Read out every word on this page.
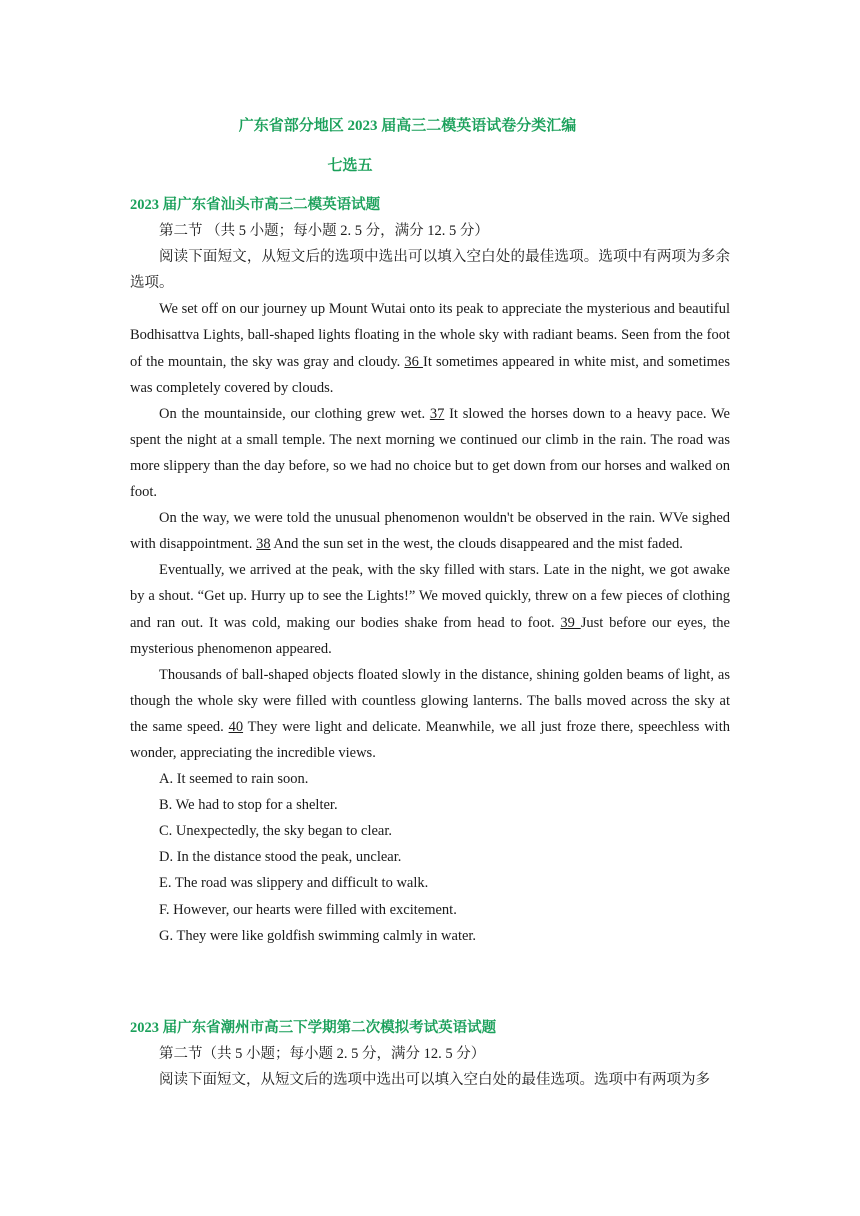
广东省部分地区 2023 届高三二模英语试卷分类汇编
七选五

2023 届广东省汕头市高三二模英语试题

第二节 （共 5 小题；每小题 2. 5 分，满分 12. 5 分）

阅读下面短文，从短文后的选项中选出可以填入空白处的最佳选项。选项中有两项为多余选项。

We set off on our journey up Mount Wutai onto its peak to appreciate the mysterious and beautiful Bodhisattva Lights, ball-shaped lights floating in the whole sky with radiant beams. Seen from the foot of the mountain, the sky was gray and cloudy. 36 It sometimes appeared in white mist, and sometimes was completely covered by clouds.

On the mountainside, our clothing grew wet. 37 It slowed the horses down to a heavy pace. We spent the night at a small temple. The next morning we continued our climb in the rain. The road was more slippery than the day before, so we had no choice but to get down from our horses and walked on foot.

On the way, we were told the unusual phenomenon wouldn't be observed in the rain. WVe sighed with disappointment. 38 And the sun set in the west, the clouds disappeared and the mist faded.

Eventually, we arrived at the peak, with the sky filled with stars. Late in the night, we got awake by a shout. “Get up. Hurry up to see the Lights!” We moved quickly, threw on a few pieces of clothing and ran out. It was cold, making our bodies shake from head to foot. 39 Just before our eyes, the mysterious phenomenon appeared.

Thousands of ball-shaped objects floated slowly in the distance, shining golden beams of light, as though the whole sky were filled with countless glowing lanterns. The balls moved across the sky at the same speed. 40 They were light and delicate. Meanwhile, we all just froze there, speechless with wonder, appreciating the incredible views.

A. It seemed to rain soon.

B. We had to stop for a shelter.

C. Unexpectedly, the sky began to clear.

D. In the distance stood the peak, unclear.

E. The road was slippery and difficult to walk.

F. However, our hearts were filled with excitement.

G. They were like goldfish swimming calmly in water.

2023 届广东省潮州市高三下学期第二次模拟考试英语试题

第二节（共 5 小题；每小题 2. 5 分，满分 12. 5 分）

阅读下面短文，从短文后的选项中选出可以填入空白处的最佳选项。选项中有两项为多
